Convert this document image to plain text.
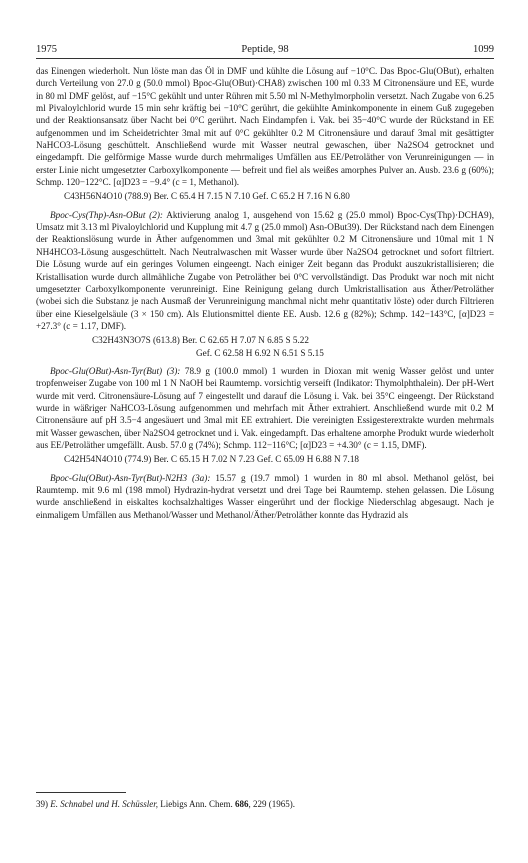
1975	Peptide, 98	1099

das Einengen wiederholt. Nun löste man das Öl in DMF und kühlte die Lösung auf −10°C. Das Bpoc-Glu(OBut), erhalten durch Verteilung von 27.0 g (50.0 mmol) Bpoc-Glu(OBut)·CHA8) zwischen 100 ml 0.33 M Citronensäure und EE, wurde in 80 ml DMF gelöst, auf −15°C gekühlt und unter Rühren mit 5.50 ml N-Methylmorpholin versetzt. Nach Zugabe von 6.25 ml Pivaloylchlorid wurde 15 min sehr kräftig bei −10°C gerührt, die gekühlte Aminkomponente in einem Guß zugegeben und der Reaktionsansatz über Nacht bei 0°C gerührt. Nach Eindampfen i. Vak. bei 35−40°C wurde der Rückstand in EE aufgenommen und im Scheidetrichter 3mal mit auf 0°C gekühlter 0.2 M Citronensäure und darauf 3mal mit gesättigter NaHCO3-Lösung geschüttelt. Anschließend wurde mit Wasser neutral gewaschen, über Na2SO4 getrocknet und eingedampft. Die gelförmige Masse wurde durch mehrmaliges Umfällen aus EE/Petroläther von Verunreinigungen — in erster Linie nicht umgesetzter Carboxylkomponente — befreit und fiel als weißes amorphes Pulver an. Ausb. 23.6 g (60%); Schmp. 120−122°C. [α]D23 = −9.4° (c = 1, Methanol).

C43H56N4O10 (788.9) Ber. C 65.4 H 7.15 N 7.10 Gef. C 65.2 H 7.16 N 6.80

Bpoc-Cys(Thp)-Asn-OBut (2): Aktivierung analog 1, ausgehend von 15.62 g (25.0 mmol) Bpoc-Cys(Thp)·DCHA9), Umsatz mit 3.13 ml Pivaloylchlorid und Kupplung mit 4.7 g (25.0 mmol) Asn-OBut39). Der Rückstand nach dem Einengen der Reaktionslösung wurde in Äther aufgenommen und 3mal mit gekühlter 0.2 M Citronensäure und 10mal mit 1 N NH4HCO3-Lösung ausgeschüttelt. Nach Neutralwaschen mit Wasser wurde über Na2SO4 getrocknet und sofort filtriert. Die Lösung wurde auf ein geringes Volumen eingeengt. Nach einiger Zeit begann das Produkt auszukristallisieren; die Kristallisation wurde durch allmähliche Zugabe von Petroläther bei 0°C vervollständigt. Das Produkt war noch mit nicht umgesetzter Carboxylkomponente verunreinigt. Eine Reinigung gelang durch Umkristallisation aus Äther/Petroläther (wobei sich die Substanz je nach Ausmaß der Verunreinigung manchmal nicht mehr quantitativ löste) oder durch Filtrieren über eine Kieselgelsäule (3 × 150 cm). Als Elutionsmittel diente EE. Ausb. 12.6 g (82%); Schmp. 142−143°C, [α]D23 = +27.3° (c = 1.17, DMF).

C32H43N3O7S (613.8) Ber. C 62.65 H 7.07 N 6.85 S 5.22
Gef. C 62.58 H 6.92 N 6.51 S 5.15

Bpoc-Glu(OBut)-Asn-Tyr(But) (3): 78.9 g (100.0 mmol) 1 wurden in Dioxan mit wenig Wasser gelöst und unter tropfenweiser Zugabe von 100 ml 1 N NaOH bei Raumtemp. vorsichtig verseift (Indikator: Thymolphthalein). Der pH-Wert wurde mit verd. Citronensäure-Lösung auf 7 eingestellt und darauf die Lösung i. Vak. bei 35°C eingeengt. Der Rückstand wurde in wäßriger NaHCO3-Lösung aufgenommen und mehrfach mit Äther extrahiert. Anschließend wurde mit 0.2 M Citronensäure auf pH 3.5−4 angesäuert und 3mal mit EE extrahiert. Die vereinigten Essigesterextrakte wurden mehrmals mit Wasser gewaschen, über Na2SO4 getrocknet und i. Vak. eingedampft. Das erhaltene amorphe Produkt wurde wiederholt aus EE/Petroläther umgefällt. Ausb. 57.0 g (74%); Schmp. 112−116°C; [α]D23 = +4.30° (c = 1.15, DMF).

C42H54N4O10 (774.9) Ber. C 65.15 H 7.02 N 7.23 Gef. C 65.09 H 6.88 N 7.18

Bpoc-Glu(OBut)-Asn-Tyr(But)-N2H3 (3a): 15.57 g (19.7 mmol) 1 wurden in 80 ml absol. Methanol gelöst, bei Raumtemp. mit 9.6 ml (198 mmol) Hydrazin-hydrat versetzt und drei Tage bei Raumtemp. stehen gelassen. Die Lösung wurde anschließend in eiskaltes kochsalzhaltiges Wasser eingerührt und der flockige Niederschlag abgesaugt. Nach je einmaligem Umfällen aus Methanol/Wasser und Methanol/Äther/Petroläther konnte das Hydrazid als

39) E. Schnabel und H. Schüssler, Liebigs Ann. Chem. 686, 229 (1965).
